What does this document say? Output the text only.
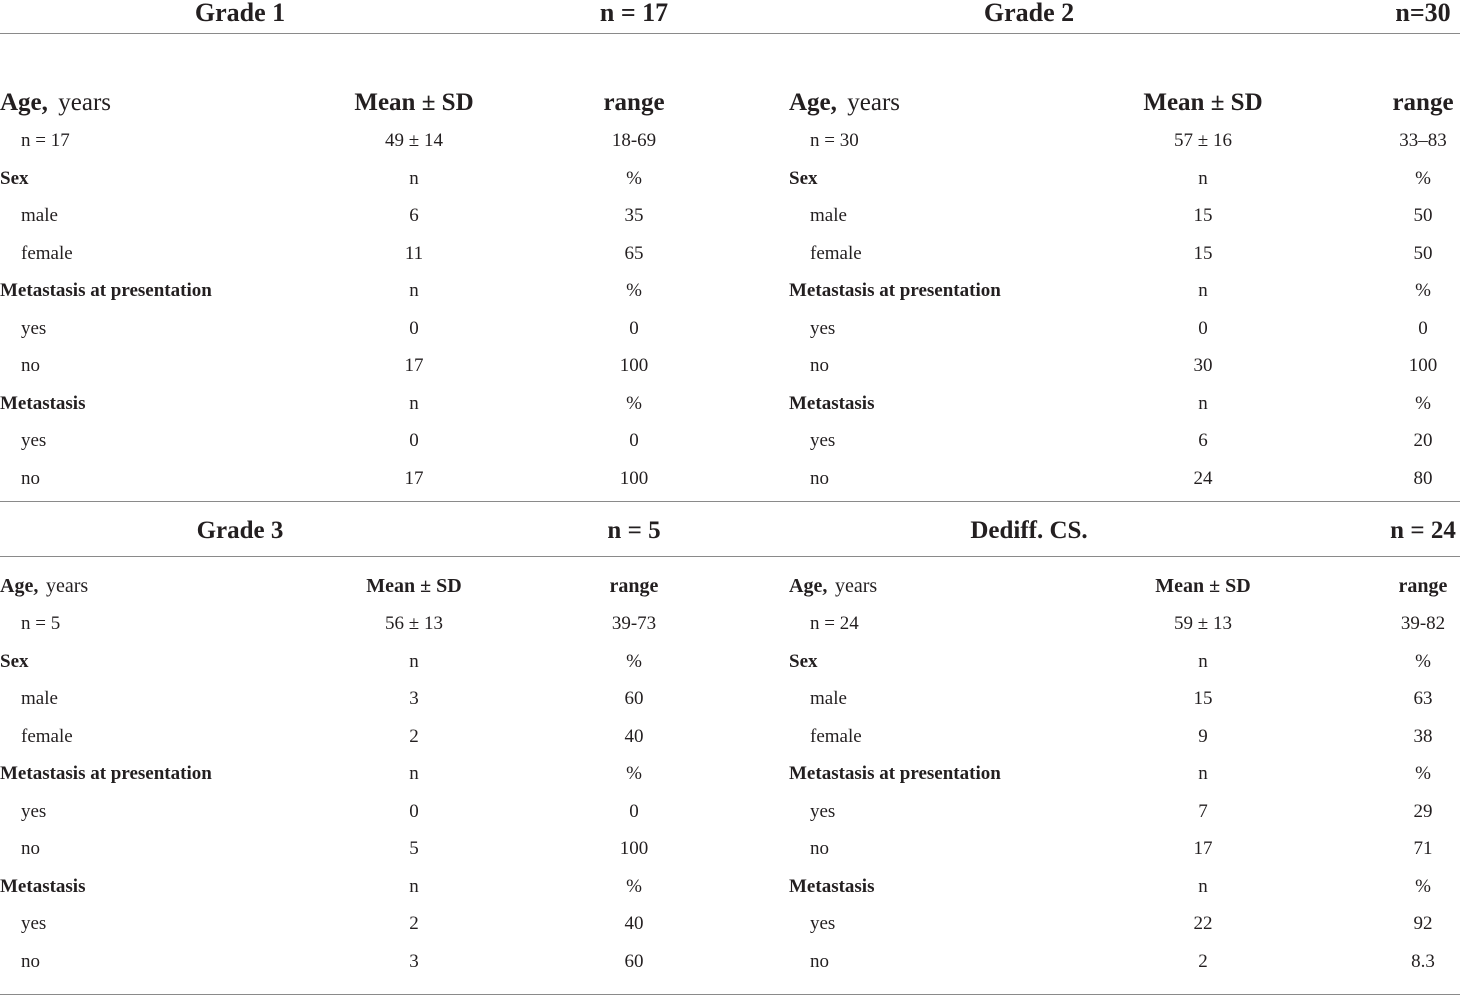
Grade 1	n = 17
Age, years	Mean ± SD	range
n = 17	49 ± 14	18-69
Sex	n	%
male	6	35
female	11	65
Metastasis at presentation	n	%
yes	0	0
no	17	100
Metastasis	n	%
yes	0	0
no	17	100
Grade 2	n=30
Age, years	Mean ± SD	range
n = 30	57 ± 16	33–83
Sex	n	%
male	15	50
female	15	50
Metastasis at presentation	n	%
yes	0	0
no	30	100
Metastasis	n	%
yes	6	20
no	24	80
Grade 3	n = 5
Age, years	Mean ± SD	range
n = 5	56 ± 13	39-73
Sex	n	%
male	3	60
female	2	40
Metastasis at presentation	n	%
yes	0	0
no	5	100
Metastasis	n	%
yes	2	40
no	3	60
Dediff. CS.	n = 24
Age, years	Mean ± SD	range
n = 24	59 ± 13	39-82
Sex	n	%
male	15	63
female	9	38
Metastasis at presentation	n	%
yes	7	29
no	17	71
Metastasis	n	%
yes	22	92
no	2	8.3
